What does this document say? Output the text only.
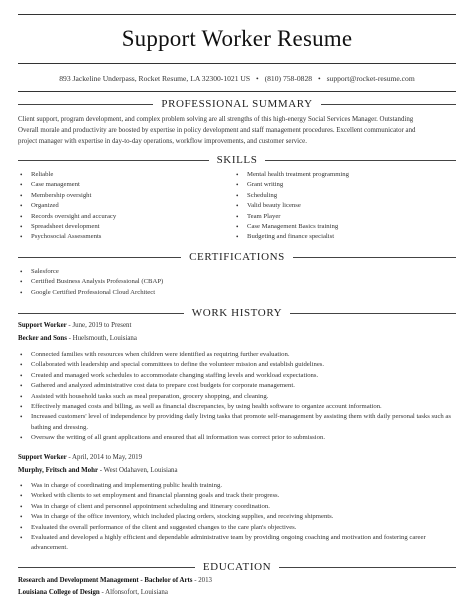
Support Worker Resume
893 Jackeline Underpass, Rocket Resume, LA 32300-1021 US • (810) 758-0828 • support@rocket-resume.com
PROFESSIONAL SUMMARY
Client support, program development, and complex problem solving are all strengths of this high-energy Social Services Manager. Outstanding
Overall morale and productivity are boosted by expertise in policy development and staff management procedures. Excellent communicator and
project manager with expertise in day-to-day operations, workflow improvements, and customer service.
SKILLS
• Reliable
• Case management
• Membership oversight
• Organized
• Records oversight and accuracy
• Spreadsheet development
• Psychosocial Assessments
• Mental health treatment programming
• Grant writing
• Scheduling
• Valid beauty license
• Team Player
• Case Management Basics training
• Budgeting and finance specialist
CERTIFICATIONS
• Salesforce
• Certified Business Analysis Professional (CBAP)
• Google Certified Professional Cloud Architect
WORK HISTORY
Support Worker - June, 2019 to Present
Becker and Sons - Huelsmouth, Louisiana
• Connected families with resources when children were identified as requiring further evaluation.
• Collaborated with leadership and special committees to define the volunteer mission and establish guidelines.
• Created and managed work schedules to accommodate changing staffing levels and workload expectations.
• Gathered and analyzed administrative cost data to prepare cost budgets for corporate management.
• Assisted with household tasks such as meal preparation, grocery shopping, and cleaning.
• Effectively managed costs and billing, as well as financial discrepancies, by using health software to organize account information.
• Increased customers' level of independence by providing daily living tasks that promote self-management by assisting them with daily personal tasks such as bathing and dressing.
• Oversaw the writing of all grant applications and ensured that all information was correct prior to submission.
Support Worker - April, 2014 to May, 2019
Murphy, Fritsch and Mohr - West Odahaven, Louisiana
• Was in charge of coordinating and implementing public health training.
• Worked with clients to set employment and financial planning goals and track their progress.
• Was in charge of client and personnel appointment scheduling and itinerary coordination.
• Was in charge of the office inventory, which included placing orders, stocking supplies, and receiving shipments.
• Evaluated the overall performance of the client and suggested changes to the care plan's objectives.
• Evaluated and developed a highly efficient and dependable administrative team by providing ongoing coaching and motivation and fostering career advancement.
EDUCATION
Research and Development Management - Bachelor of Arts - 2013
Louisiana College of Design - Alfonsofort, Louisiana
